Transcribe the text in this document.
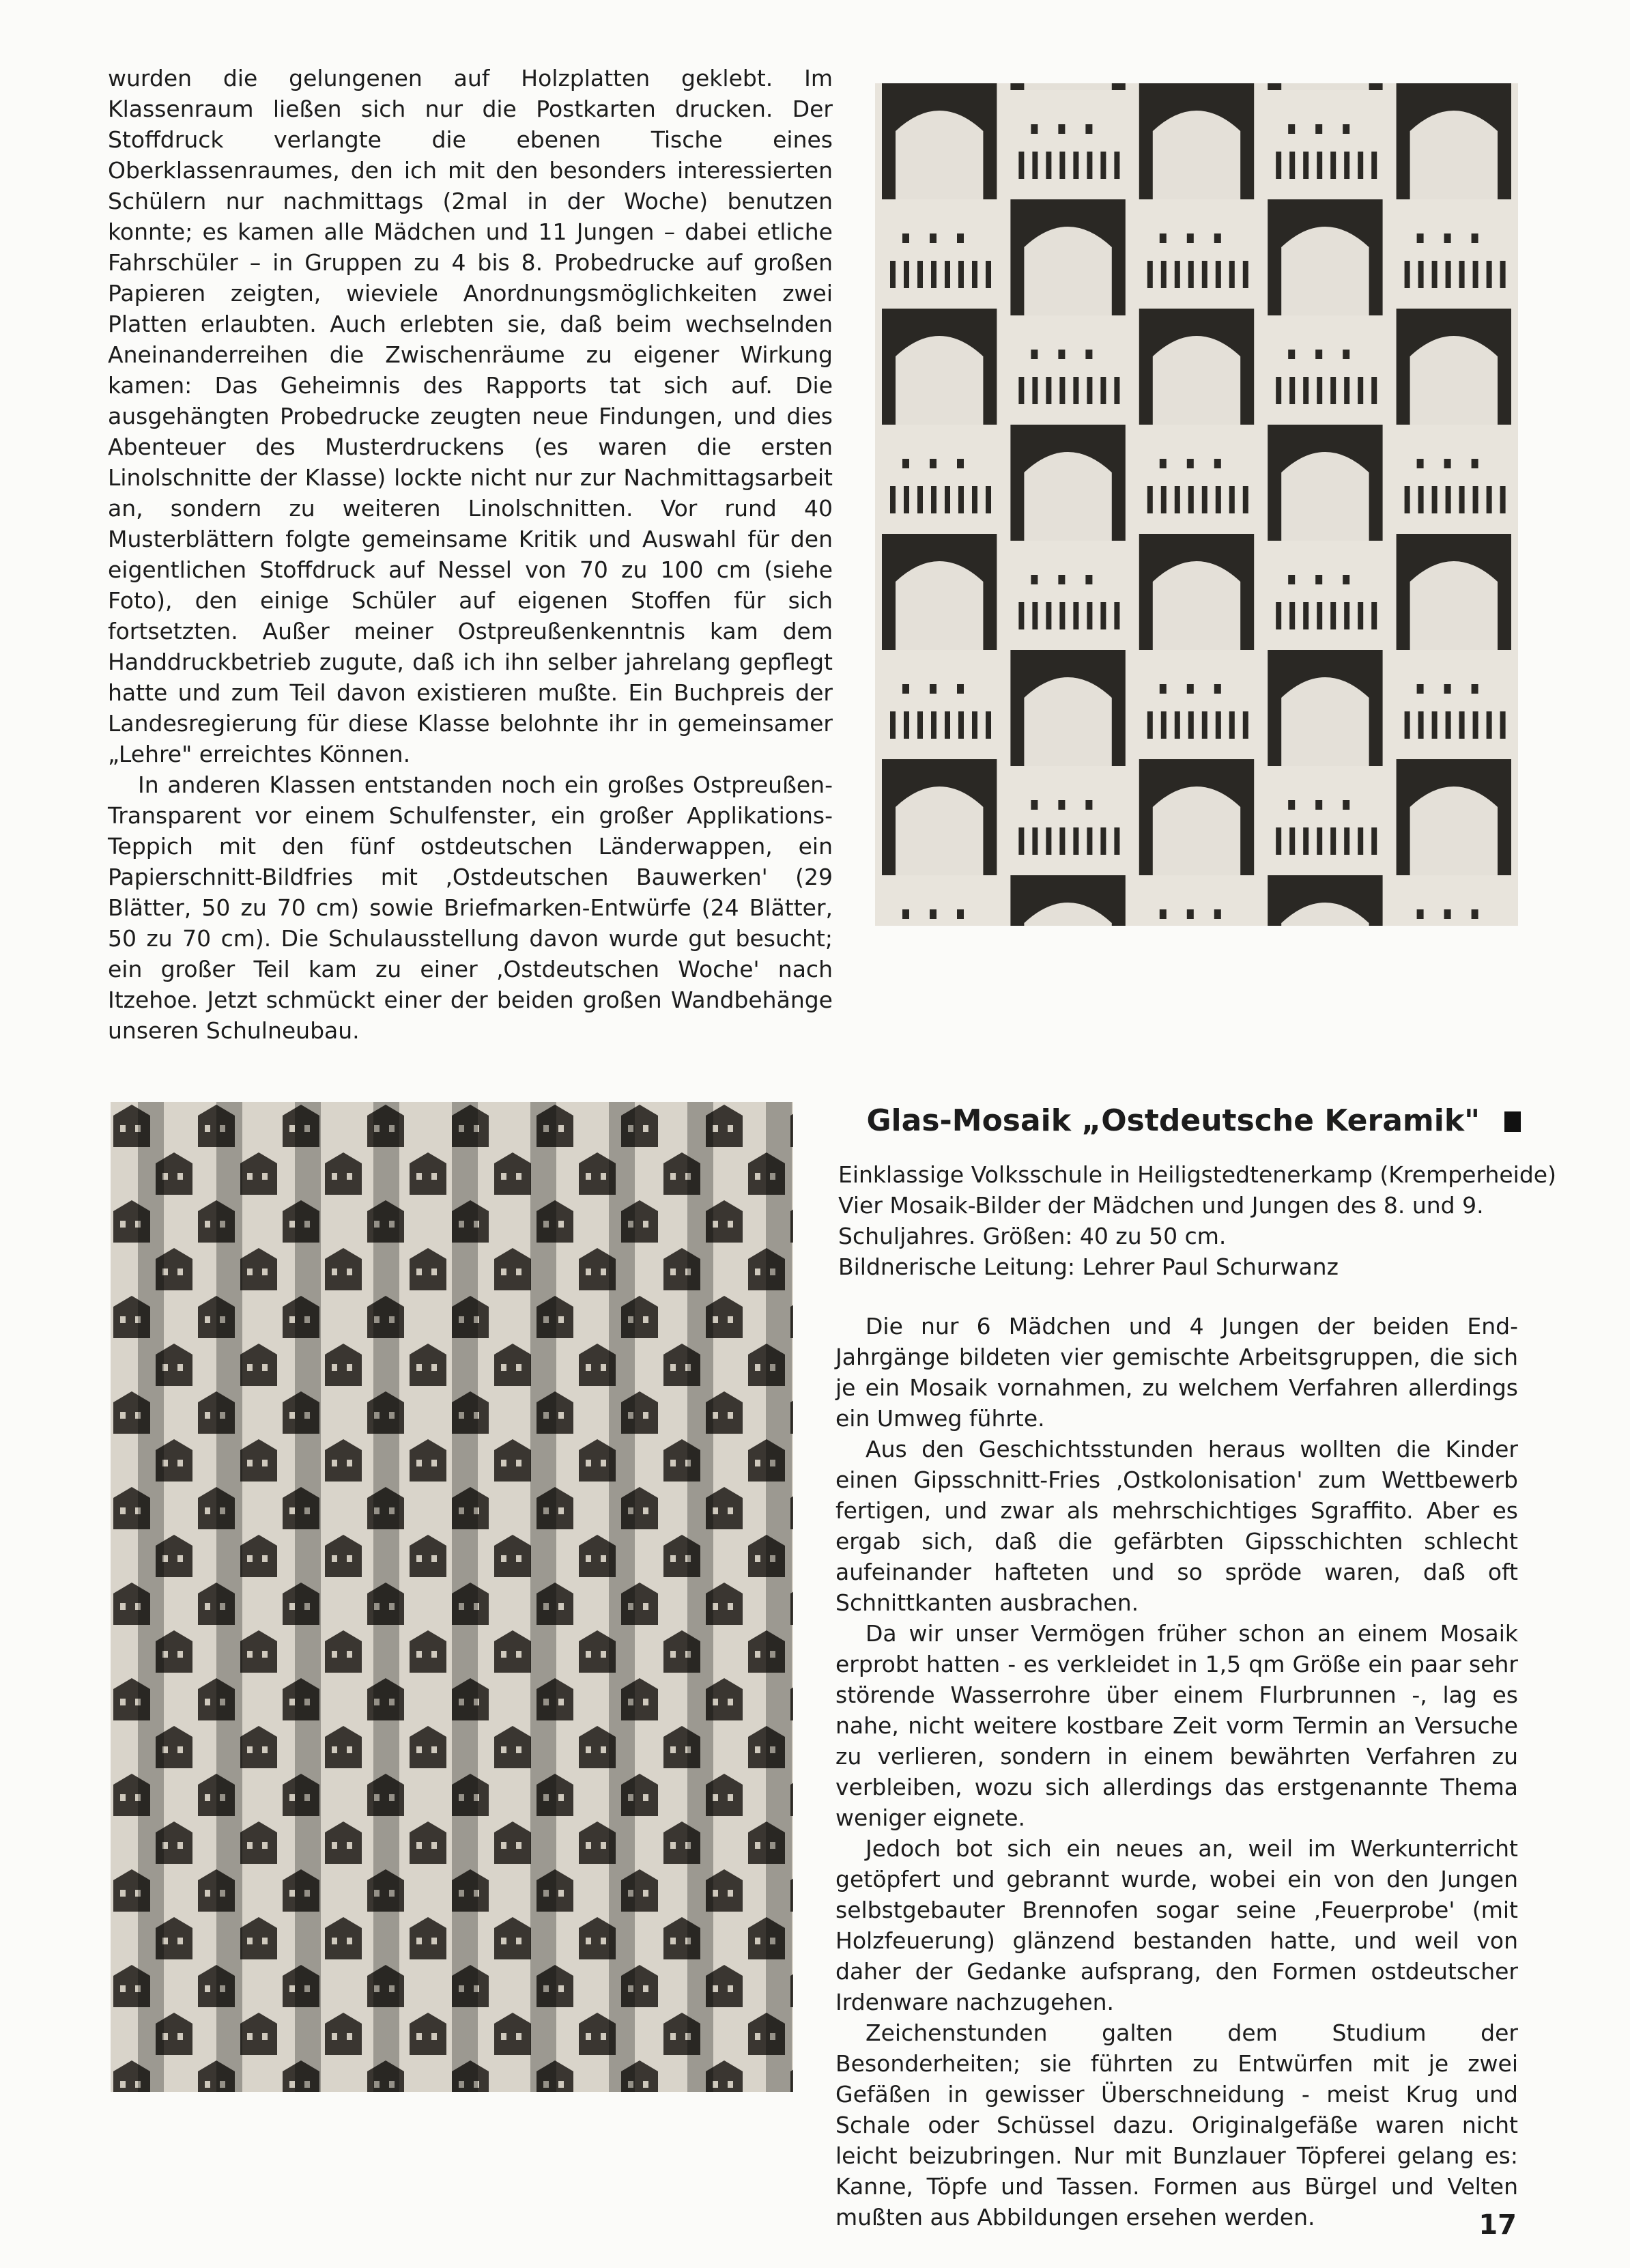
wurden die gelungenen auf Holzplatten geklebt. Im Klassenraum ließen sich nur die Postkarten drucken. Der Stoffdruck verlangte die ebenen Tische eines Oberklassenraumes, den ich mit den besonders interessierten Schülern nur nachmittags (2mal in der Woche) benutzen konnte; es kamen alle Mädchen und 11 Jungen – dabei etliche Fahrschüler – in Gruppen zu 4 bis 8. Probedrucke auf großen Papieren zeigten, wieviele Anordnungsmöglichkeiten zwei Platten erlaubten. Auch erlebten sie, daß beim wechselnden Aneinanderreihen die Zwischenräume zu eigener Wirkung kamen: Das Geheimnis des Rapports tat sich auf. Die ausgehängten Probedrucke zeugten neue Findungen, und dies Abenteuer des Musterdruckens (es waren die ersten Linolschnitte der Klasse) lockte nicht nur zur Nachmittagsarbeit an, sondern zu weiteren Linolschnitten. Vor rund 40 Musterblättern folgte gemeinsame Kritik und Auswahl für den eigentlichen Stoffdruck auf Nessel von 70 zu 100 cm (siehe Foto), den einige Schüler auf eigenen Stoffen für sich fortsetzten. Außer meiner Ostpreußenkenntnis kam dem Handdruckbetrieb zugute, daß ich ihn selber jahrelang gepflegt hatte und zum Teil davon existieren mußte. Ein Buchpreis der Landesregierung für diese Klasse belohnte ihr in gemeinsamer „Lehre" erreichtes Können.

In anderen Klassen entstanden noch ein großes Ostpreußen-Transparent vor einem Schulfenster, ein großer Applikations-Teppich mit den fünf ostdeutschen Länderwappen, ein Papierschnitt-Bildfries mit ‚Ostdeutschen Bauwerken' (29 Blätter, 50 zu 70 cm) sowie Briefmarken-Entwürfe (24 Blätter, 50 zu 70 cm). Die Schulausstellung davon wurde gut besucht; ein großer Teil kam zu einer ‚Ostdeutschen Woche' nach Itzehoe. Jetzt schmückt einer der beiden großen Wandbehänge unseren Schulneubau.

Glas-Mosaik „Ostdeutsche Keramik"
Einklassige Volksschule in Heiligstedtenerkamp (Kremperheide)
Vier Mosaik-Bilder der Mädchen und Jungen des 8. und 9.
Schuljahres. Größen: 40 zu 50 cm.
Bildnerische Leitung: Lehrer Paul Schurwanz

Die nur 6 Mädchen und 4 Jungen der beiden End-Jahrgänge bildeten vier gemischte Arbeitsgruppen, die sich je ein Mosaik vornahmen, zu welchem Verfahren allerdings ein Umweg führte.

Aus den Geschichtsstunden heraus wollten die Kinder einen Gipsschnitt-Fries ‚Ostkolonisation' zum Wettbewerb fertigen, und zwar als mehrschichtiges Sgraffito. Aber es ergab sich, daß die gefärbten Gipsschichten schlecht aufeinander hafteten und so spröde waren, daß oft Schnittkanten ausbrachen.

Da wir unser Vermögen früher schon an einem Mosaik erprobt hatten - es verkleidet in 1,5 qm Größe ein paar sehr störende Wasserrohre über einem Flurbrunnen -, lag es nahe, nicht weitere kostbare Zeit vorm Termin an Versuche zu verlieren, sondern in einem bewährten Verfahren zu verbleiben, wozu sich allerdings das erstgenannte Thema weniger eignete.

Jedoch bot sich ein neues an, weil im Werkunterricht getöpfert und gebrannt wurde, wobei ein von den Jungen selbstgebauter Brennofen sogar seine ‚Feuerprobe' (mit Holzfeuerung) glänzend bestanden hatte, und weil von daher der Gedanke aufsprang, den Formen ostdeutscher Irdenware nachzugehen.

Zeichenstunden galten dem Studium der Besonderheiten; sie führten zu Entwürfen mit je zwei Gefäßen in gewisser Überschneidung - meist Krug und Schale oder Schüssel dazu. Originalgefäße waren nicht leicht beizubringen. Nur mit Bunzlauer Töpferei gelang es: Kanne, Töpfe und Tassen. Formen aus Bürgel und Velten mußten aus Abbildungen ersehen werden.	17
